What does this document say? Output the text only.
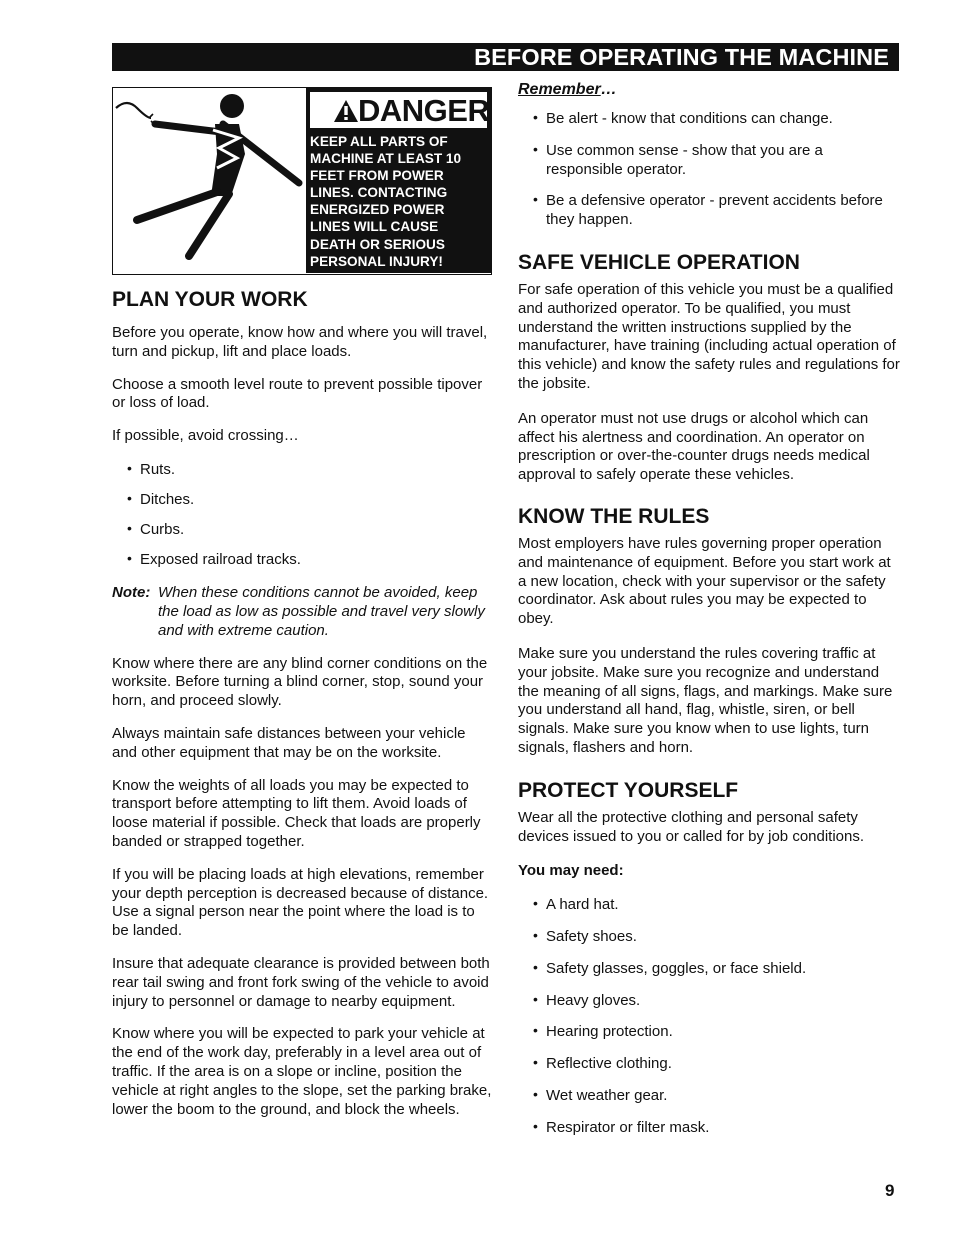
BEFORE OPERATING THE MACHINE
DANGER
KEEP ALL PARTS OF
MACHINE AT LEAST 10
FEET FROM POWER
LINES. CONTACTING
ENERGIZED POWER
LINES WILL CAUSE
DEATH OR SERIOUS
PERSONAL INJURY!
PLAN YOUR WORK

Before you operate, know how and where you will travel, turn and pickup, lift and place loads.

Choose a smooth level route to prevent possible tipover or loss of load.

If possible, avoid crossing…

• Ruts.
• Ditches.
• Curbs.
• Exposed railroad tracks.
Note: When these conditions cannot be avoided, keep the load as low as possible and travel very slowly and with extreme caution.

Know where there are any blind corner conditions on the worksite. Before turning a blind corner, stop, sound your horn, and proceed slowly.

Always maintain safe distances between your vehicle and other equipment that may be on the worksite.

Know the weights of all loads you may be expected to transport before attempting to lift them. Avoid loads of loose material if possible. Check that loads are properly banded or strapped together.

If you will be placing loads at high elevations, remember your depth perception is decreased because of distance. Use a signal person near the point where the load is to be landed.

Insure that adequate clearance is provided between both rear tail swing and front fork swing of the vehicle to avoid injury to personnel or damage to nearby equipment.

Know where you will be expected to park your vehicle at the end of the work day, preferably in a level area out of traffic. If the area is on a slope or incline, position the vehicle at right angles to the slope, set the parking brake, lower the boom to the ground, and block the wheels.

Remember…
• Be alert - know that conditions can change.
• Use common sense - show that you are a responsible operator.
• Be a defensive operator - prevent accidents before they happen.
SAFE VEHICLE OPERATION

For safe operation of this vehicle you must be a qualified and authorized operator. To be qualified, you must understand the written instructions supplied by the manufacturer, have training (including actual operation of this vehicle) and know the safety rules and regulations for the jobsite.

An operator must not use drugs or alcohol which can affect his alertness and coordination. An operator on prescription or over-the-counter drugs needs medical approval to safely operate these vehicles.

KNOW THE RULES

Most employers have rules governing proper operation and maintenance of equipment. Before you start work at a new location, check with your supervisor or the safety coordinator. Ask about rules you may be expected to obey.

Make sure you understand the rules covering traffic at your jobsite. Make sure you recognize and understand the meaning of all signs, flags, and markings. Make sure you understand all hand, flag, whistle, siren, or bell signals. Make sure you know when to use lights, turn signals, flashers and horn.

PROTECT YOURSELF

Wear all the protective clothing and personal safety devices issued to you or called for by job conditions.

You may need:

• A hard hat.
• Safety shoes.
• Safety glasses, goggles, or face shield.
• Heavy gloves.
• Hearing protection.
• Reflective clothing.
• Wet weather gear.
• Respirator or filter mask.
9
